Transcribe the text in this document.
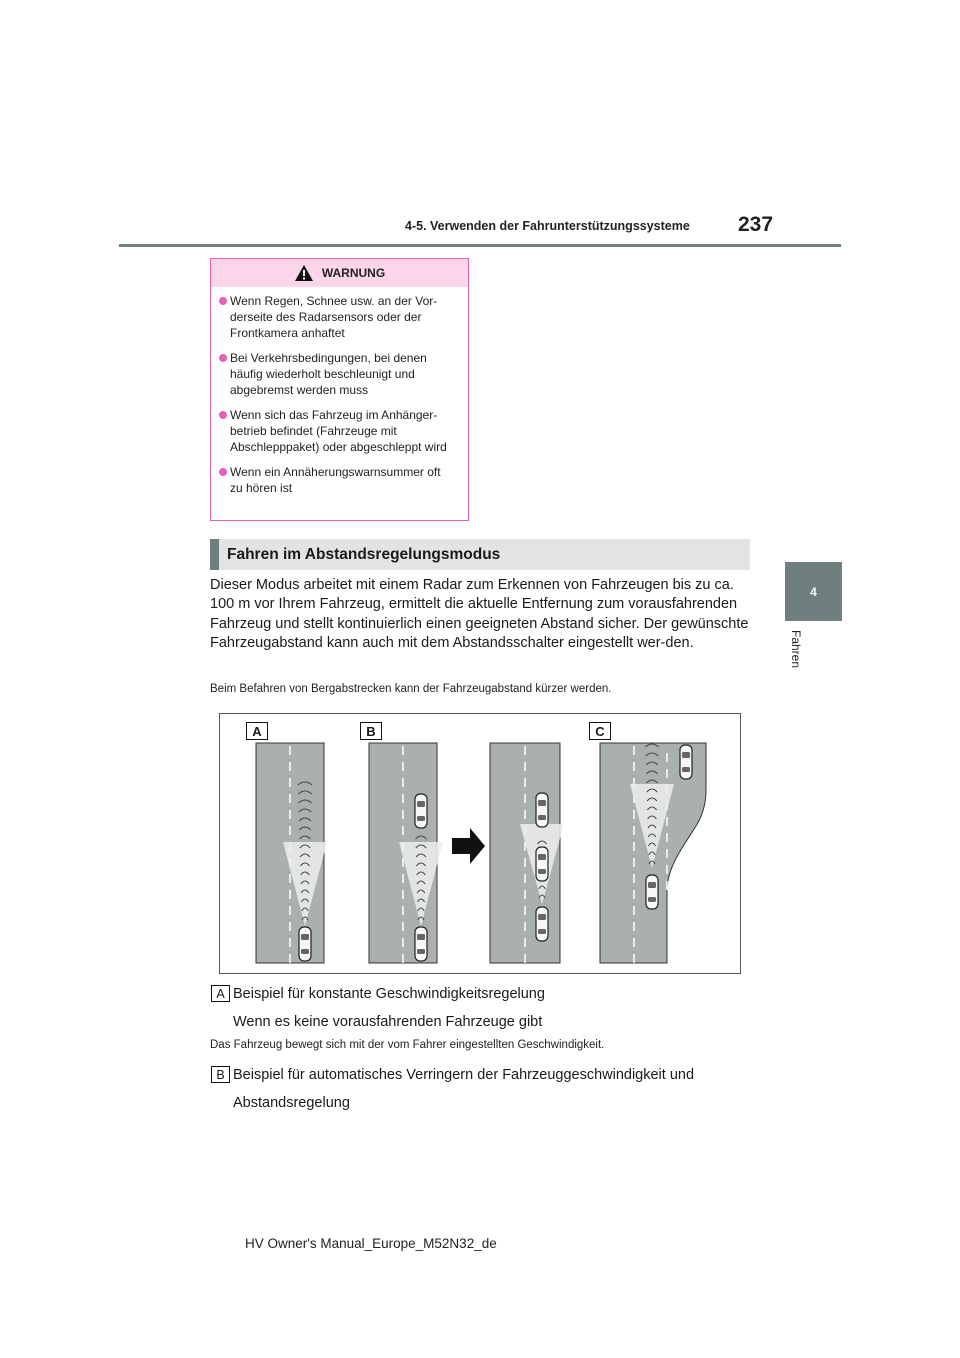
4-5. Verwenden der Fahrunterstützungssysteme 237
4
Fahren
WARNUNG
Wenn Regen, Schnee usw. an der Vor-derseite des Radarsensors oder der Frontkamera anhaftet
Bei Verkehrsbedingungen, bei denen häufig wiederholt beschleunigt und abgebremst werden muss
Wenn sich das Fahrzeug im Anhänger-betrieb befindet (Fahrzeuge mit Abschlepppaket) oder abgeschleppt wird
Wenn ein Annäherungswarnsummer oft zu hören ist
Fahren im Abstandsregelungsmodus
Dieser Modus arbeitet mit einem Radar zum Erkennen von Fahrzeugen bis zu ca. 100 m vor Ihrem Fahrzeug, ermittelt die aktuelle Entfernung zum vorausfahrenden Fahrzeug und stellt kontinuierlich einen geeigneten Abstand sicher. Der gewünschte Fahrzeugabstand kann auch mit dem Abstandsschalter eingestellt wer-den.
Beim Befahren von Bergabstrecken kann der Fahrzeugabstand kürzer werden.
A	B	C
A Beispiel für konstante Geschwindigkeitsregelung
Wenn es keine vorausfahrenden Fahrzeuge gibt
Das Fahrzeug bewegt sich mit der vom Fahrer eingestellten Geschwindigkeit.
B Beispiel für automatisches Verringern der Fahrzeuggeschwindigkeit und
Abstandsregelung
HV Owner's Manual_Europe_M52N32_de
